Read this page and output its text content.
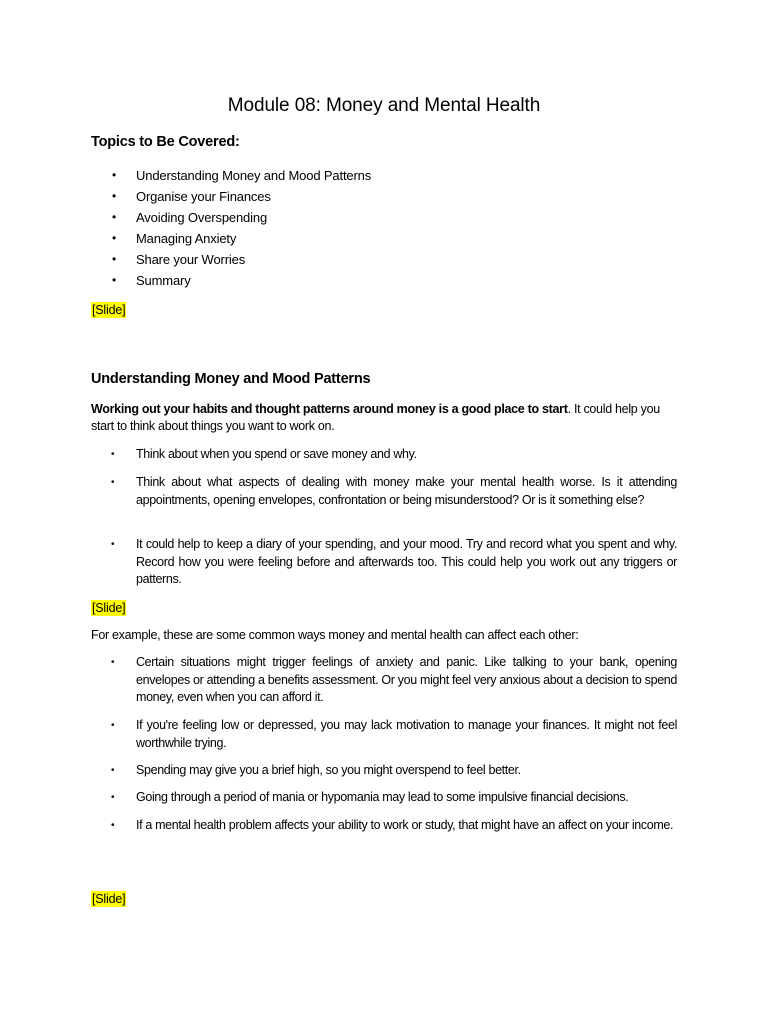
Module 08: Money and Mental Health
Topics to Be Covered:
• Understanding Money and Mood Patterns
• Organise your Finances
• Avoiding Overspending
• Managing Anxiety
• Share your Worries
• Summary
[Slide]
Understanding Money and Mood Patterns

Working out your habits and thought patterns around money is a good place to start. It could help you start to think about things you want to work on.

• Think about when you spend or save money and why.
• Think about what aspects of dealing with money make your mental health worse. Is it attending appointments, opening envelopes, confrontation or being misunderstood? Or is it something else?
• It could help to keep a diary of your spending, and your mood. Try and record what you spent and why. Record how you were feeling before and afterwards too. This could help you work out any triggers or patterns.
[Slide]

For example, these are some common ways money and mental health can affect each other:

• Certain situations might trigger feelings of anxiety and panic. Like talking to your bank, opening envelopes or attending a benefits assessment. Or you might feel very anxious about a decision to spend money, even when you can afford it.
• If you're feeling low or depressed, you may lack motivation to manage your finances. It might not feel worthwhile trying.
• Spending may give you a brief high, so you might overspend to feel better.
• Going through a period of mania or hypomania may lead to some impulsive financial decisions.
• If a mental health problem affects your ability to work or study, that might have an affect on your income.
[Slide]
